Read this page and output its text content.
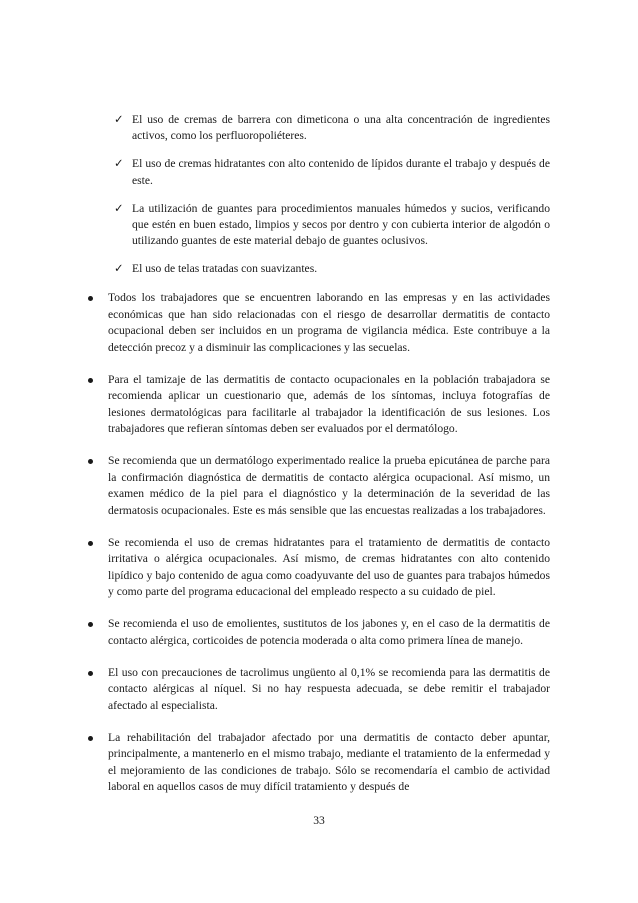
✓ El uso de cremas de barrera con dimeticona o una alta concentración de ingredientes activos, como los perfluoropoliéteres.
✓ El uso de cremas hidratantes con alto contenido de lípidos durante el trabajo y después de este.
✓ La utilización de guantes para procedimientos manuales húmedos y sucios, verificando que estén en buen estado, limpios y secos por dentro y con cubierta interior de algodón o utilizando guantes de este material debajo de guantes oclusivos.
✓ El uso de telas tratadas con suavizantes.
Todos los trabajadores que se encuentren laborando en las empresas y en las actividades económicas que han sido relacionadas con el riesgo de desarrollar dermatitis de contacto ocupacional deben ser incluidos en un programa de vigilancia médica. Este contribuye a la detección precoz y a disminuir las complicaciones y las secuelas.
Para el tamizaje de las dermatitis de contacto ocupacionales en la población trabajadora se recomienda aplicar un cuestionario que, además de los síntomas, incluya fotografías de lesiones dermatológicas para facilitarle al trabajador la identificación de sus lesiones. Los trabajadores que refieran síntomas deben ser evaluados por el dermatólogo.
Se recomienda que un dermatólogo experimentado realice la prueba epicutánea de parche para la confirmación diagnóstica de dermatitis de contacto alérgica ocupacional. Así mismo, un examen médico de la piel para el diagnóstico y la determinación de la severidad de las dermatosis ocupacionales. Este es más sensible que las encuestas realizadas a los trabajadores.
Se recomienda el uso de cremas hidratantes para el tratamiento de dermatitis de contacto irritativa o alérgica ocupacionales. Así mismo, de cremas hidratantes con alto contenido lipídico y bajo contenido de agua como coadyuvante del uso de guantes para trabajos húmedos y como parte del programa educacional del empleado respecto a su cuidado de piel.
Se recomienda el uso de emolientes, sustitutos de los jabones y, en el caso de la dermatitis de contacto alérgica, corticoides de potencia moderada o alta como primera línea de manejo.
El uso con precauciones de tacrolimus ungüento al 0,1% se recomienda para las dermatitis de contacto alérgicas al níquel. Si no hay respuesta adecuada, se debe remitir el trabajador afectado al especialista.
La rehabilitación del trabajador afectado por una dermatitis de contacto deber apuntar, principalmente, a mantenerlo en el mismo trabajo, mediante el tratamiento de la enfermedad y el mejoramiento de las condiciones de trabajo. Sólo se recomendaría el cambio de actividad laboral en aquellos casos de muy difícil tratamiento y después de
33
